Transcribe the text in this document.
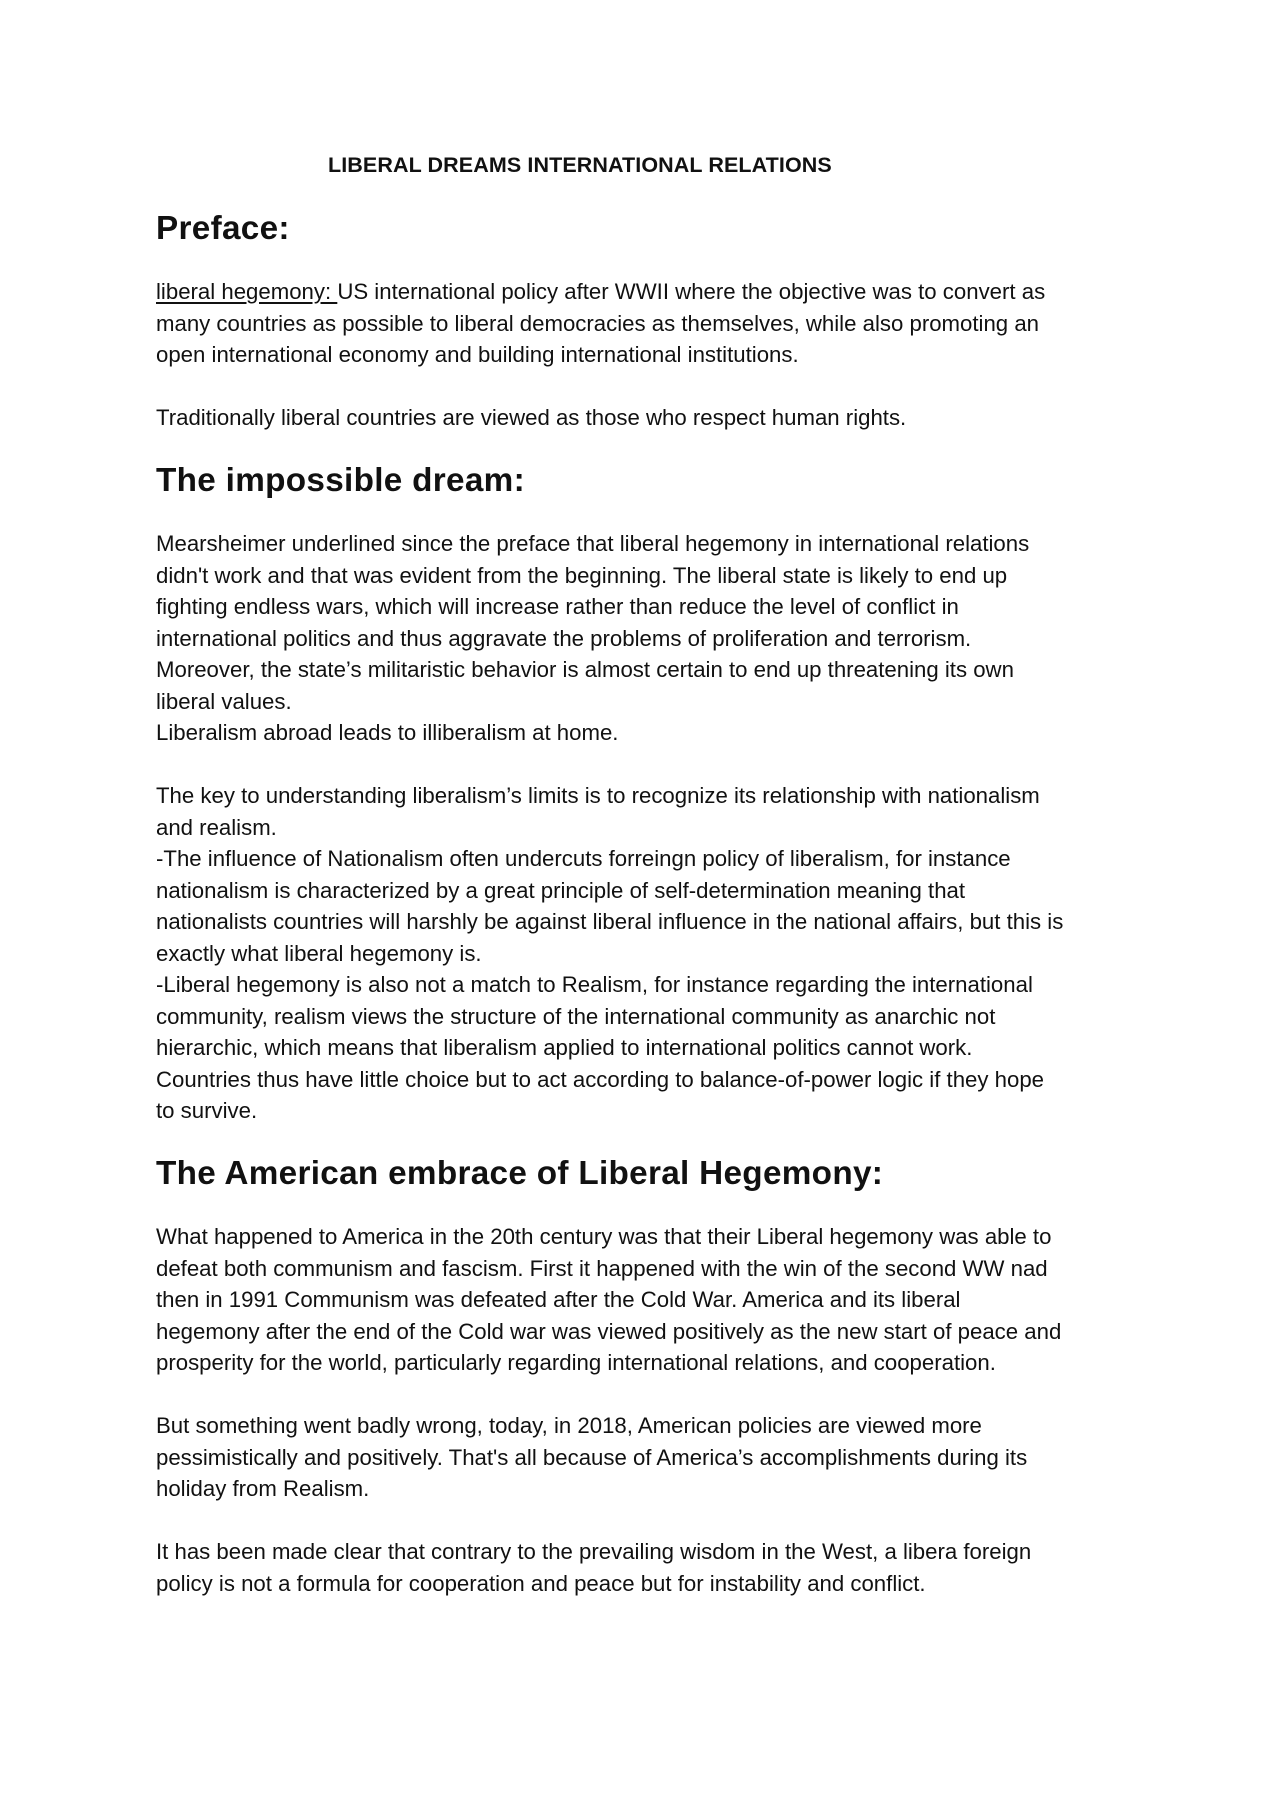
LIBERAL DREAMS INTERNATIONAL RELATIONS
Preface:

liberal hegemony: US international policy after WWII where the objective was to convert as
many countries as possible to liberal democracies as themselves, while also promoting an
open international economy and building international institutions.

Traditionally liberal countries are viewed as those who respect human rights.

The impossible dream:

Mearsheimer underlined since the preface that liberal hegemony in international relations
didn't work and that was evident from the beginning. The liberal state is likely to end up
fighting endless wars, which will increase rather than reduce the level of conflict in
international politics and thus aggravate the problems of proliferation and terrorism.
Moreover, the state’s militaristic behavior is almost certain to end up threatening its own
liberal values.
Liberalism abroad leads to illiberalism at home.

The key to understanding liberalism’s limits is to recognize its relationship with nationalism
and realism.
-The influence of Nationalism often undercuts forreingn policy of liberalism, for instance
nationalism is characterized by a great principle of self-determination meaning that
nationalists countries will harshly be against liberal influence in the national affairs, but this is
exactly what liberal hegemony is.
-Liberal hegemony is also not a match to Realism, for instance regarding the international
community, realism views the structure of the international community as anarchic not
hierarchic, which means that liberalism applied to international politics cannot work.
Countries thus have little choice but to act according to balance-of-power logic if they hope
to survive.

The American embrace of Liberal Hegemony:

What happened to America in the 20th century was that their Liberal hegemony was able to
defeat both communism and fascism. First it happened with the win of the second WW nad
then in 1991 Communism was defeated after the Cold War. America and its liberal
hegemony after the end of the Cold war was viewed positively as the new start of peace and
prosperity for the world, particularly regarding international relations, and cooperation.

But something went badly wrong, today, in 2018, American policies are viewed more
pessimistically and positively. That's all because of America’s accomplishments during its
holiday from Realism.

It has been made clear that contrary to the prevailing wisdom in the West, a libera foreign
policy is not a formula for cooperation and peace but for instability and conflict.
